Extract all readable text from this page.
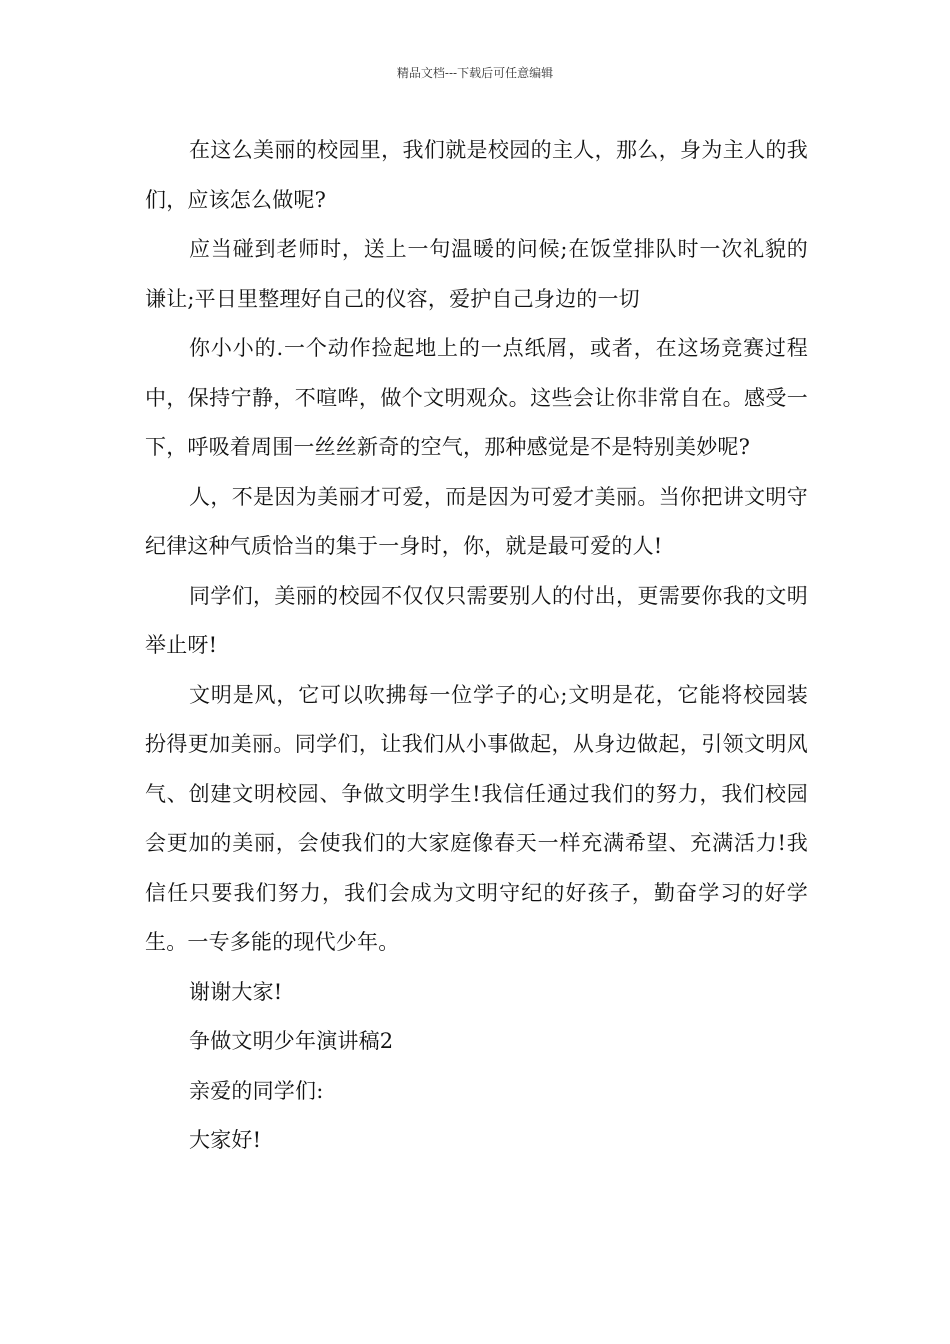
精品文档---下载后可任意编辑

在这么美丽的校园里，我们就是校园的主人，那么，身为主人的我们，应该怎么做呢?

应当碰到老师时，送上一句温暖的问候;在饭堂排队时一次礼貌的谦让;平日里整理好自己的仪容，爱护自己身边的一切

你小小的.一个动作捡起地上的一点纸屑，或者，在这场竞赛过程中，保持宁静，不喧哗，做个文明观众。这些会让你非常自在。感受一下，呼吸着周围一丝丝新奇的空气，那种感觉是不是特别美妙呢?

人，不是因为美丽才可爱，而是因为可爱才美丽。当你把讲文明守纪律这种气质恰当的集于一身时，你，就是最可爱的人!

同学们，美丽的校园不仅仅只需要别人的付出，更需要你我的文明举止呀!

文明是风，它可以吹拂每一位学子的心;文明是花，它能将校园装扮得更加美丽。同学们，让我们从小事做起，从身边做起，引领文明风气、创建文明校园、争做文明学生!我信任通过我们的努力，我们校园会更加的美丽，会使我们的大家庭像春天一样充满希望、充满活力!我信任只要我们努力，我们会成为文明守纪的好孩子，勤奋学习的好学生。一专多能的现代少年。

谢谢大家!

争做文明少年演讲稿2

亲爱的同学们:

大家好!
